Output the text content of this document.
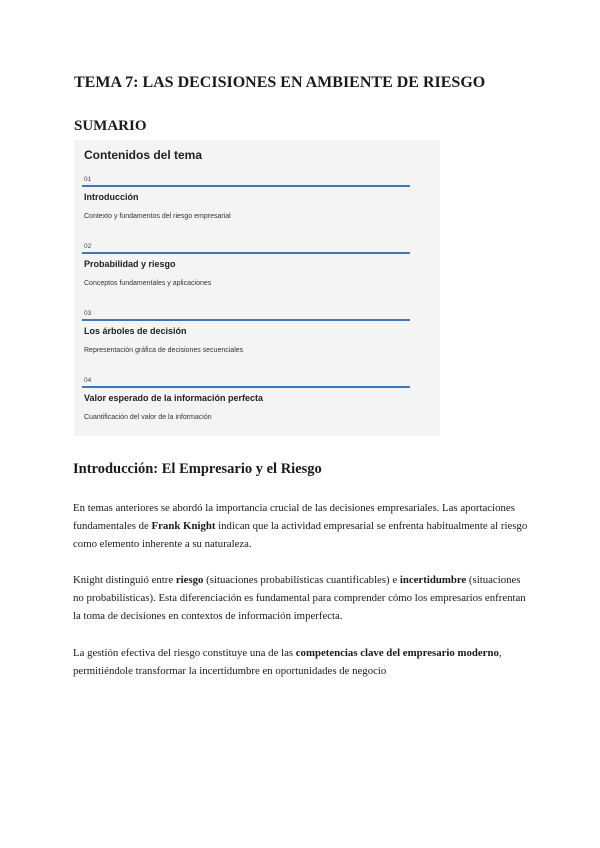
TEMA 7: LAS DECISIONES EN AMBIENTE DE RIESGO
SUMARIO
Contenidos del tema
01
Introducción
Contexto y fundamentos del riesgo empresarial
02
Probabilidad y riesgo
Conceptos fundamentales y aplicaciones
03
Los árboles de decisión
Representación gráfica de decisiones secuenciales
04
Valor esperado de la información perfecta
Cuantificación del valor de la información
Introducción: El Empresario y el Riesgo

En temas anteriores se abordó la importancia crucial de las decisiones empresariales. Las aportaciones fundamentales de Frank Knight indican que la actividad empresarial se enfrenta habitualmente al riesgo como elemento inherente a su naturaleza.

Knight distinguió entre riesgo (situaciones probabilísticas cuantificables) e incertidumbre (situaciones no probabilísticas). Esta diferenciación es fundamental para comprender cómo los empresarios enfrentan la toma de decisiones en contextos de información imperfecta.

La gestión efectiva del riesgo constituye una de las competencias clave del empresario moderno, permitiéndole transformar la incertidumbre en oportunidades de negocio
